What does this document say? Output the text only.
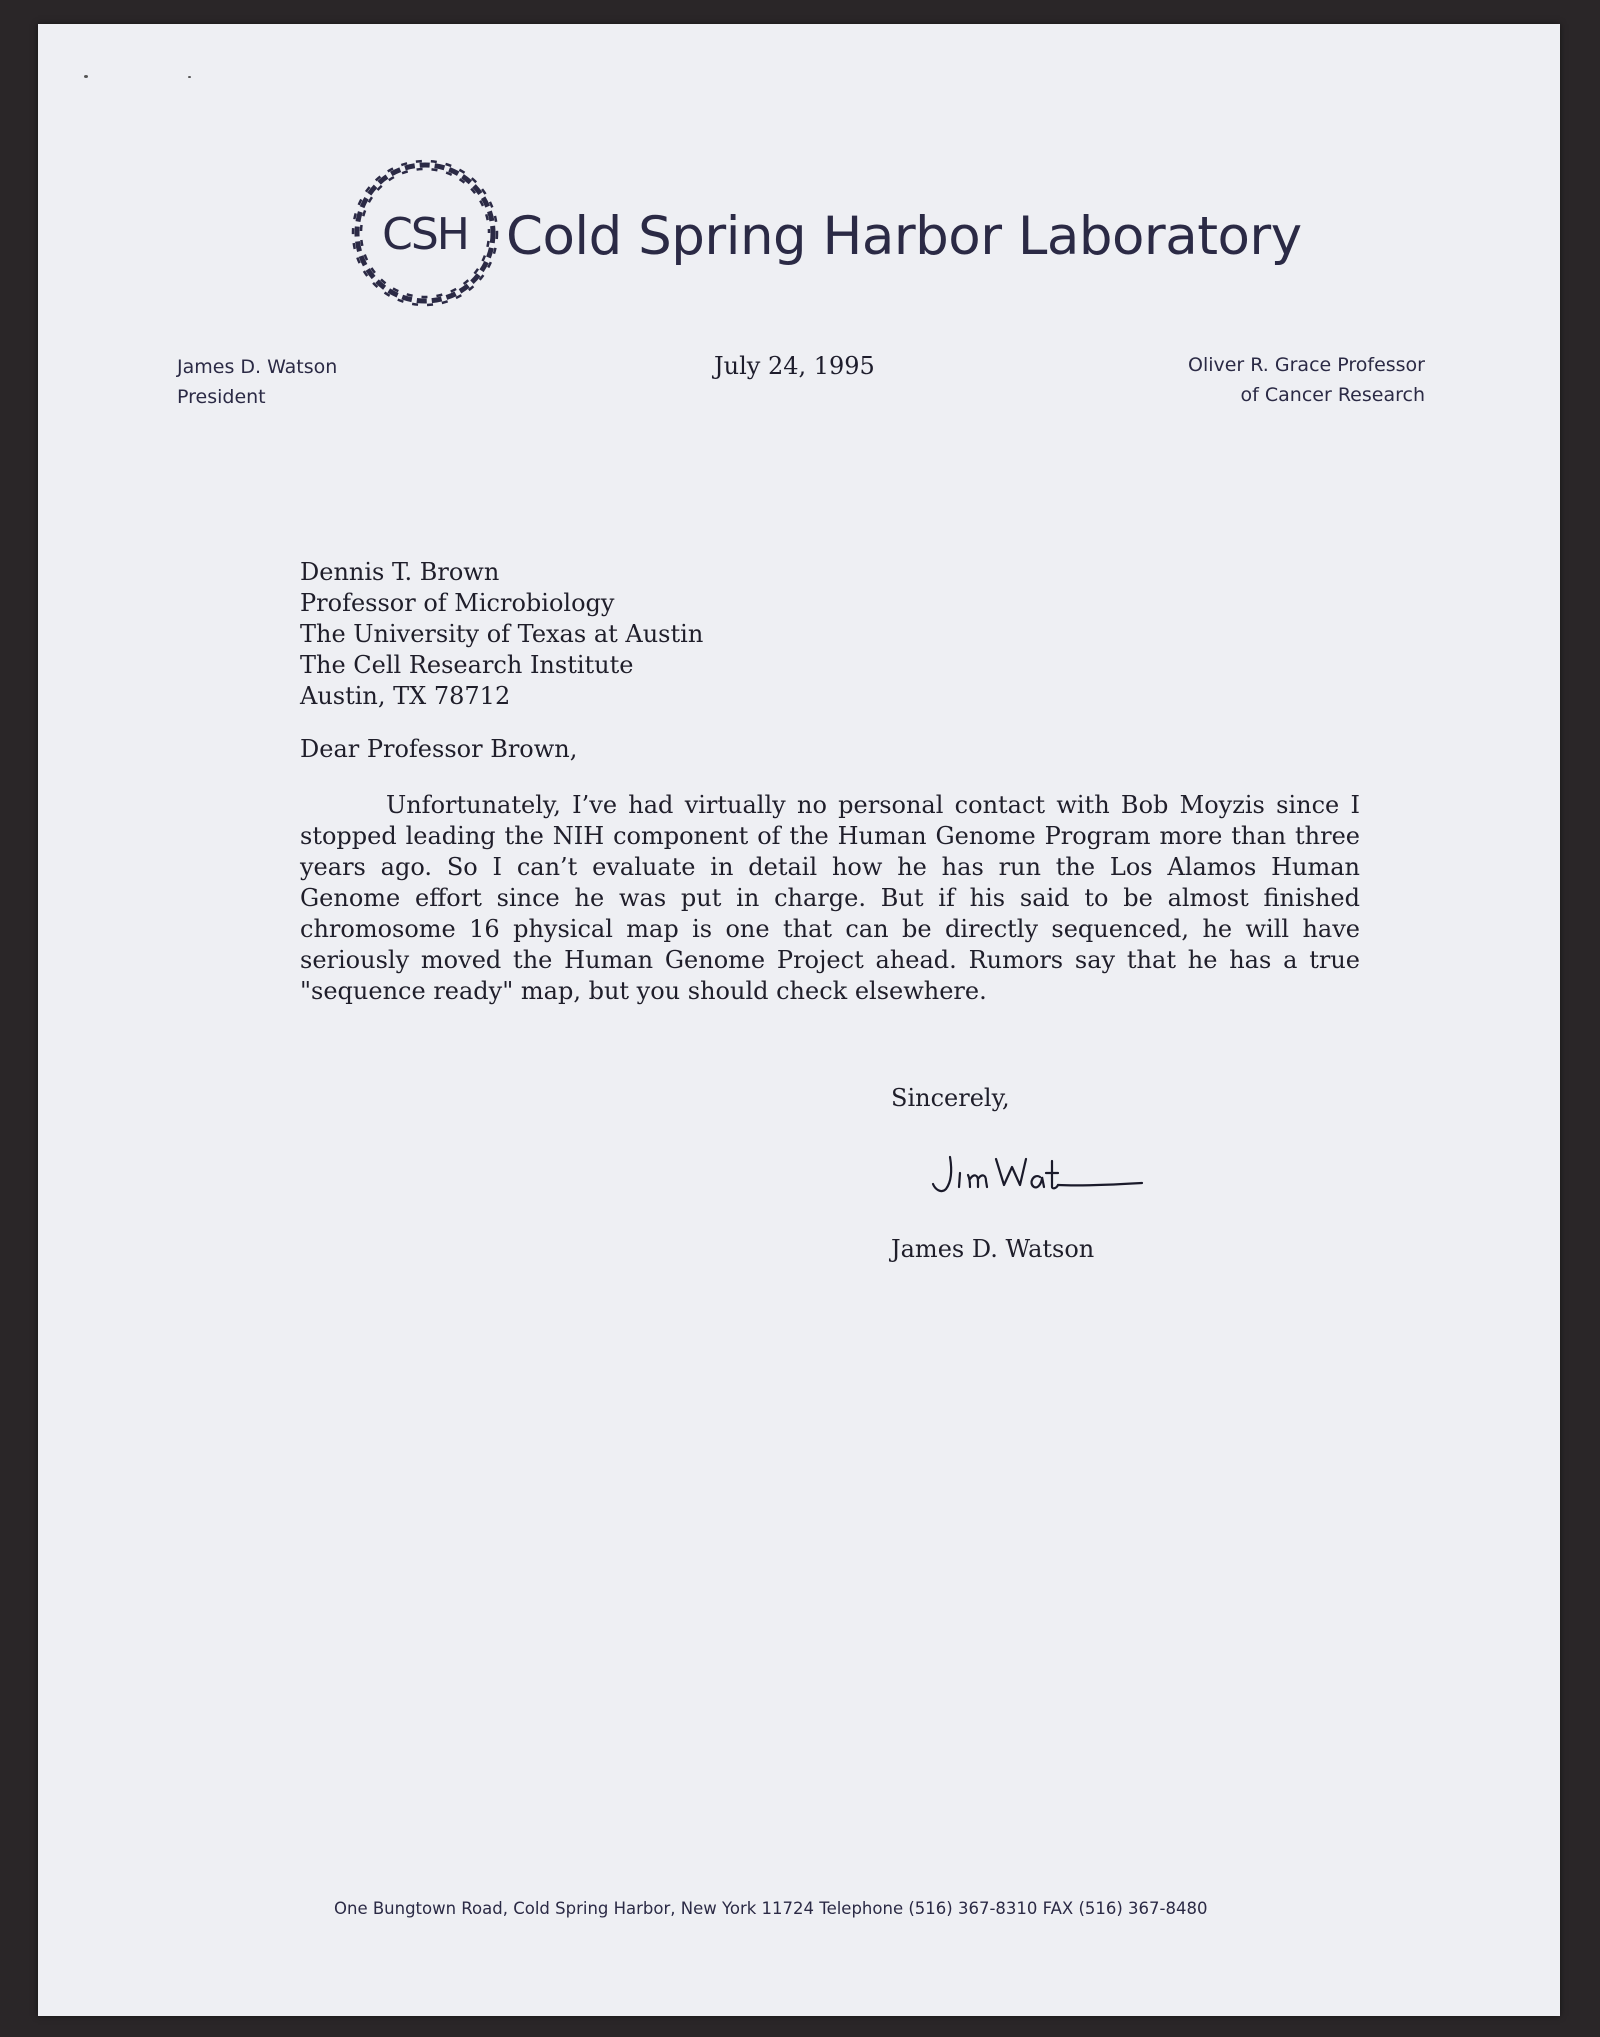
CSH Cold Spring Harbor Laboratory
James D. Watson
President
July 24, 1995	Oliver R. Grace Professor
of Cancer Research
Dennis T. Brown
Professor of Microbiology
The University of Texas at Austin
The Cell Research Institute
Austin, TX 78712
Dear Professor Brown,
Unfortunately, I’ve had virtually no personal contact with Bob Moyzis since I stopped leading the NIH component of the Human Genome Program more than three years ago. So I can’t evaluate in detail how he has run the Los Alamos Human Genome effort since he was put in charge. But if his said to be almost finished chromosome 16 physical map is one that can be directly sequenced, he will have seriously moved the Human Genome Project ahead. Rumors say that he has a true "sequence ready" map, but you should check elsewhere.
Sincerely,
James D. Watson
One Bungtown Road, Cold Spring Harbor, New York 11724 Telephone (516) 367-8310 FAX (516) 367-8480
